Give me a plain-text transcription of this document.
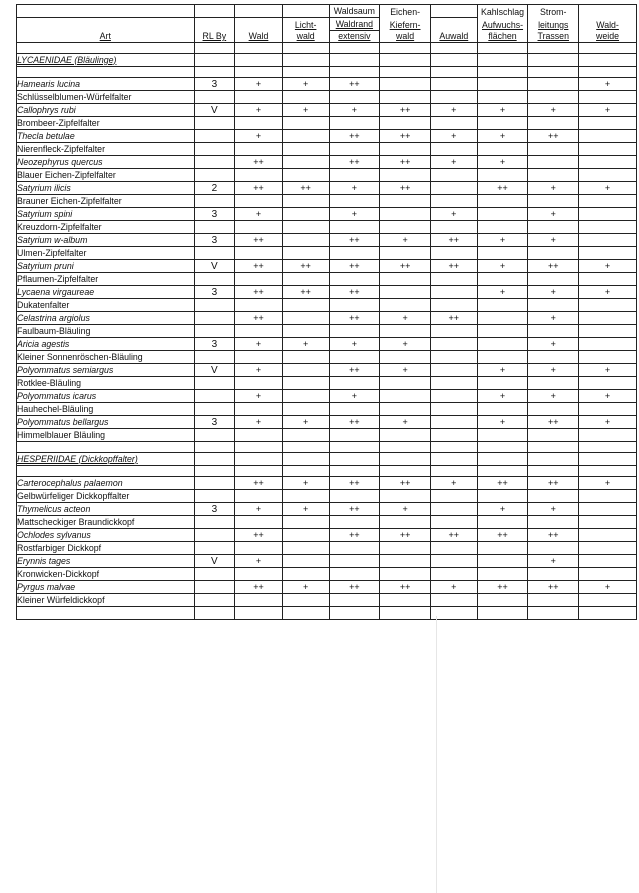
				Waldsaum	Eichen-		Kahlschlag	Strom-	
			Licht-	Waldrand	Kiefern-		Aufwuchs-	leitungs	Wald-
Art	RL By	Wald	wald	extensiv	wald	Auwald	flächen	Trassen	weide

LYCAENIDAE (Bläulinge)									

Hamearis lucina	3	+	+	++					+
Schlüsselblumen-Würfelfalter									
Callophrys rubi	V	+	+	+	++	+	+	+	+
Brombeer-Zipfelfalter									
Thecla betulae		+		++	++	+	+	++	
Nierenfleck-Zipfelfalter									
Neozephyrus quercus		++		++	++	+	+		
Blauer Eichen-Zipfelfalter									
Satyrium ilicis	2	++	++	+	++		++	+	+
Brauner Eichen-Zipfelfalter									
Satyrium spini	3	+		+		+		+	
Kreuzdorn-Zipfelfalter									
Satyrium w-album	3	++		++	+	++	+	+	
Ulmen-Zipfelfalter									
Satyrium pruni	V	++	++	++	++	++	+	++	+
Pflaumen-Zipfelfalter									
Lycaena virgaureae	3	++	++	++			+	+	+
Dukatenfalter									
Celastrina argiolus		++		++	+	++		+	
Faulbaum-Bläuling									
Aricia agestis	3	+	+	+	+			+	
Kleiner Sonnenröschen-Bläuling									
Polyommatus semiargus	V	+		++	+		+	+	+
Rotklee-Bläuling									
Polyommatus icarus		+		+			+	+	+
Hauhechel-Bläuling									
Polyommatus bellargus	3	+	+	++	+		+	++	+
Himmelblauer Bläuling									

HESPERIIDAE (Dickkopffalter)									

Carterocephalus palaemon		++	+	++	++	+	++	++	+
Gelbwürfeliger Dickkopffalter									
Thymelicus acteon	3	+	+	++	+		+	+	
Mattscheckiger Braundickkopf									
Ochlodes sylvanus		++		++	++	++	++	++	
Rostfarbiger Dickkopf									
Erynnis tages	V	+						+	
Kronwicken-Dickkopf									
Pyrgus malvae		++	+	++	++	+	++	++	+
Kleiner Würfeldickkopf									
